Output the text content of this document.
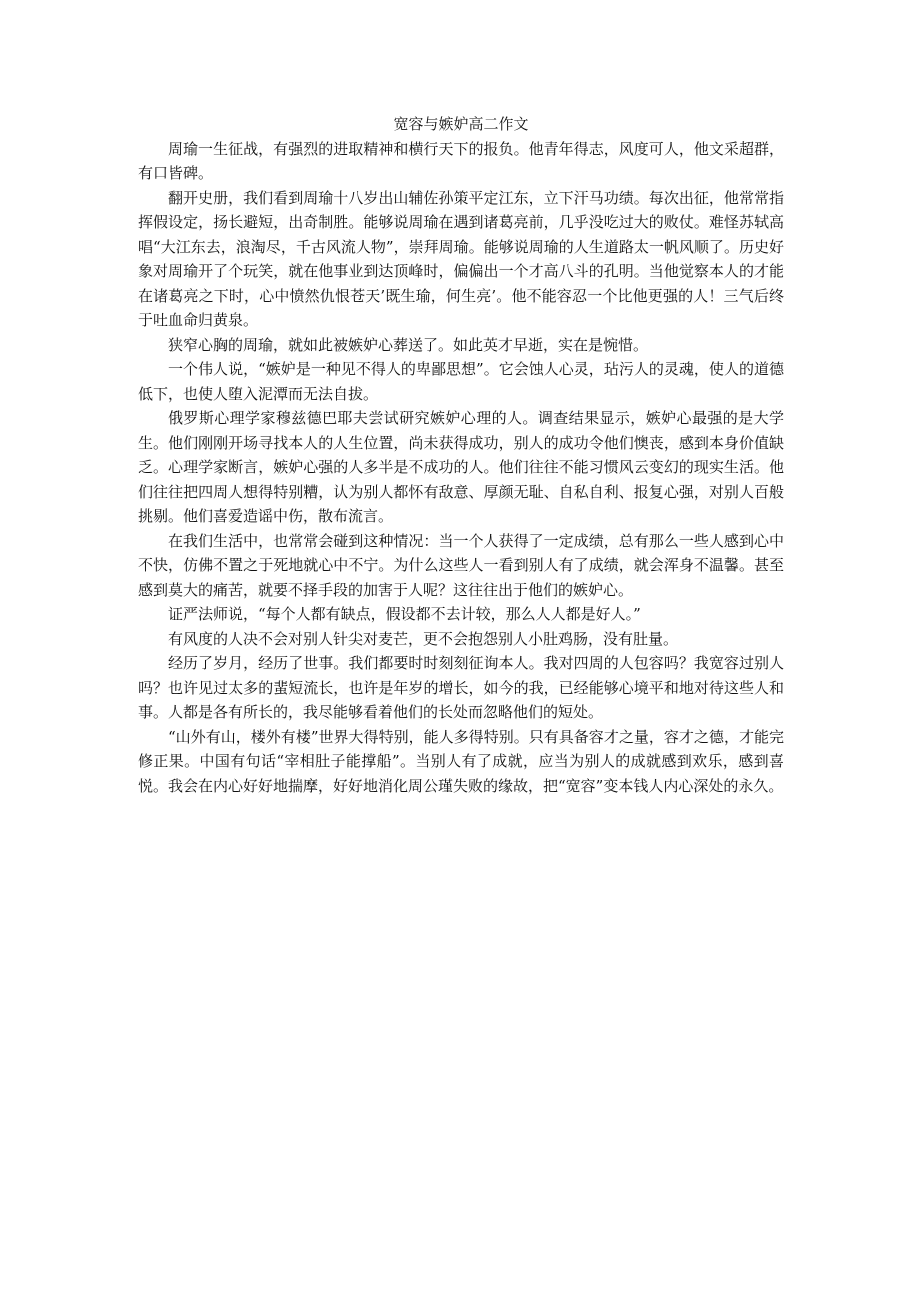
宽容与嫉妒高二作文

周瑜一生征战，有强烈的进取精神和横行天下的报负。他青年得志，风度可人，他文采超群，有口皆碑。

翻开史册，我们看到周瑜十八岁出山辅佐孙策平定江东，立下汗马功绩。每次出征，他常常指挥假设定，扬长避短，出奇制胜。能够说周瑜在遇到诸葛亮前，几乎没吃过大的败仗。难怪苏轼高唱“大江东去，浪淘尽，千古风流人物”，崇拜周瑜。能够说周瑜的人生道路太一帆风顺了。历史好象对周瑜开了个玩笑，就在他事业到达顶峰时，偏偏出一个才高八斗的孔明。当他觉察本人的才能在诸葛亮之下时，心中愤然仇恨苍天’既生瑜，何生亮’。他不能容忍一个比他更强的人！三气后终于吐血命归黄泉。

狭窄心胸的周瑜，就如此被嫉妒心葬送了。如此英才早逝，实在是惋惜。

一个伟人说，“嫉妒是一种见不得人的卑鄙思想”。它会蚀人心灵，玷污人的灵魂，使人的道德低下，也使人堕入泥潭而无法自拔。

俄罗斯心理学家穆兹德巴耶夫尝试研究嫉妒心理的人。调查结果显示，嫉妒心最强的是大学生。他们刚刚开场寻找本人的人生位置，尚未获得成功，别人的成功令他们懊丧，感到本身价值缺乏。心理学家断言，嫉妒心强的人多半是不成功的人。他们往往不能习惯风云变幻的现实生活。他们往往把四周人想得特别糟，认为别人都怀有敌意、厚颜无耻、自私自利、报复心强，对别人百般挑剔。他们喜爱造谣中伤，散布流言。

在我们生活中，也常常会碰到这种情况：当一个人获得了一定成绩，总有那么一些人感到心中不快，仿佛不置之于死地就心中不宁。为什么这些人一看到别人有了成绩，就会浑身不温馨。甚至感到莫大的痛苦，就要不择手段的加害于人呢？这往往出于他们的嫉妒心。

证严法师说，“每个人都有缺点，假设都不去计较，那么人人都是好人。”

有风度的人决不会对别人针尖对麦芒，更不会抱怨别人小肚鸡肠，没有肚量。

经历了岁月，经历了世事。我们都要时时刻刻征询本人。我对四周的人包容吗？我宽容过别人吗？也许见过太多的蜚短流长，也许是年岁的增长，如今的我，已经能够心境平和地对待这些人和事。人都是各有所长的，我尽能够看着他们的长处而忽略他们的短处。

“山外有山，楼外有楼”世界大得特别，能人多得特别。只有具备容才之量，容才之德，才能完修正果。中国有句话“宰相肚子能撑船”。当别人有了成就，应当为别人的成就感到欢乐，感到喜悦。我会在内心好好地揣摩，好好地消化周公瑾失败的缘故，把“宽容”变本钱人内心深处的永久。
